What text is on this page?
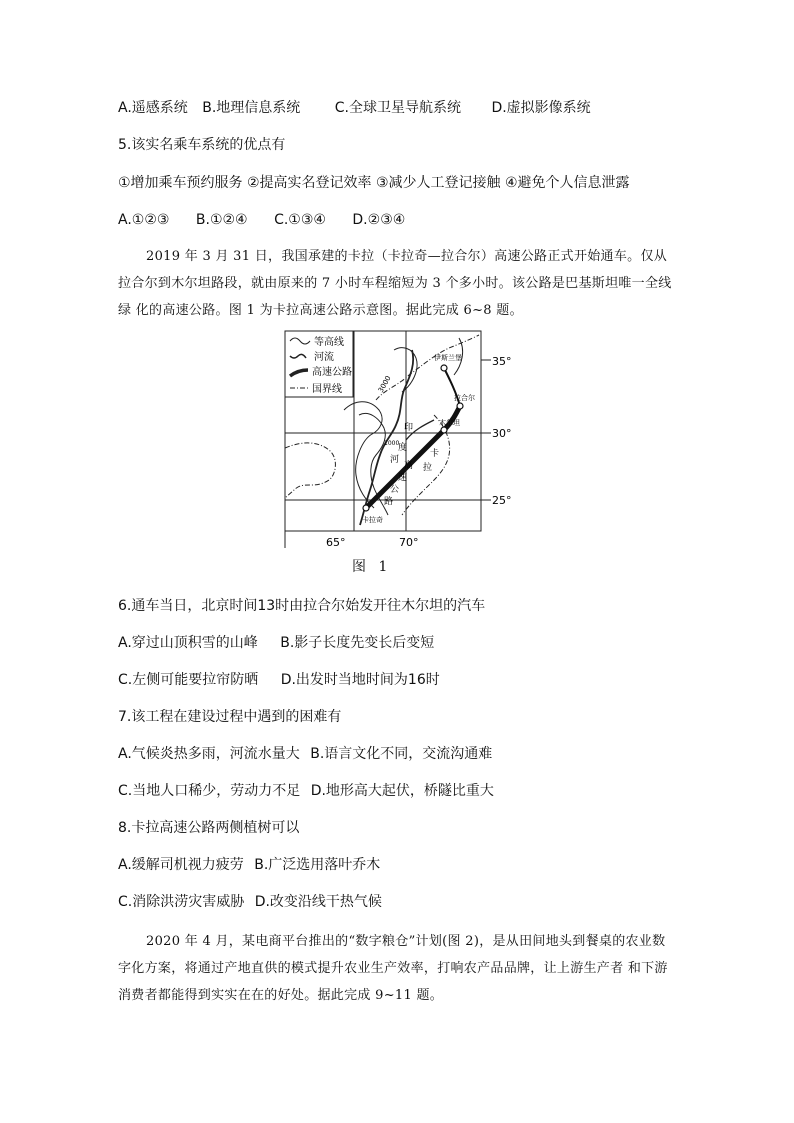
A.遥感系统 B.地理信息系统 C.全球卫星导航系统 D.虚拟影像系统
5.该实名乘车系统的优点有
①增加乘车预约服务 ②提高实名登记效率 ③减少人工登记接触 ④避免个人信息泄露
A.①②③ B.①②④ C.①③④ D.②③④
2019 年 3 月 31 日，我国承建的卡拉（卡拉奇—拉合尔）高速公路正式开始通车。仅从拉合尔到木尔坦路段，就由原来的 7 小时车程缩短为 3 个多小时。该公路是巴基斯坦唯一全线绿 化的高速公路。图 1 为卡拉高速公路示意图。据此完成 6~8 题。
等高线
河流
高速公路
国界线
伊斯兰堡
拉合尔
木尔坦
卡拉奇
3000
1000
印
度
河
卡
拉
高
速
公
路
35°
30°
25°
65°	70°
图 1
6.通车当日，北京时间13时由拉合尔始发开往木尔坦的汽车
A.穿过山顶积雪的山峰 B.影子长度先变长后变短
C.左侧可能要拉帘防晒 D.出发时当地时间为16时
7.该工程在建设过程中遇到的困难有
A.气候炎热多雨，河流水量大 B.语言文化不同，交流沟通难
C.当地人口稀少，劳动力不足 D.地形高大起伏，桥隧比重大
8.卡拉高速公路两侧植树可以
A.缓解司机视力疲劳 B.广泛选用落叶乔木
C.消除洪涝灾害威胁 D.改变沿线干热气候
2020 年 4 月，某电商平台推出的“数字粮仓”计划(图 2)，是从田间地头到餐桌的农业数字化方案，将通过产地直供的模式提升农业生产效率，打响农产品品牌，让上游生产者 和下游消费者都能得到实实在在的好处。据此完成 9~11 题。
